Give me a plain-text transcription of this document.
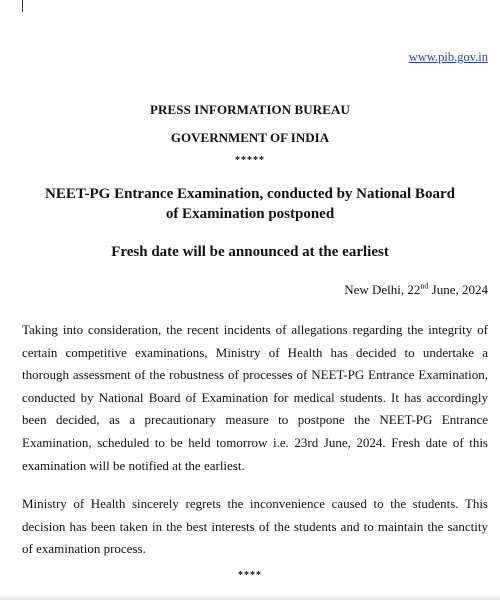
www.pib.gov.in
PRESS INFORMATION BUREAU
GOVERNMENT OF INDIA
*****
NEET-PG Entrance Examination, conducted by National Board of Examination postponed
Fresh date will be announced at the earliest
New Delhi, 22nd June, 2024

Taking into consideration, the recent incidents of allegations regarding the integrity of certain competitive examinations, Ministry of Health has decided to undertake a thorough assessment of the robustness of processes of NEET-PG Entrance Examination, conducted by National Board of Examination for medical students. It has accordingly been decided, as a precautionary measure to postpone the NEET-PG Entrance Examination, scheduled to be held tomorrow i.e. 23rd June, 2024. Fresh date of this examination will be notified at the earliest.

Ministry of Health sincerely regrets the inconvenience caused to the students. This decision has been taken in the best interests of the students and to maintain the sanctity of examination process.

****
